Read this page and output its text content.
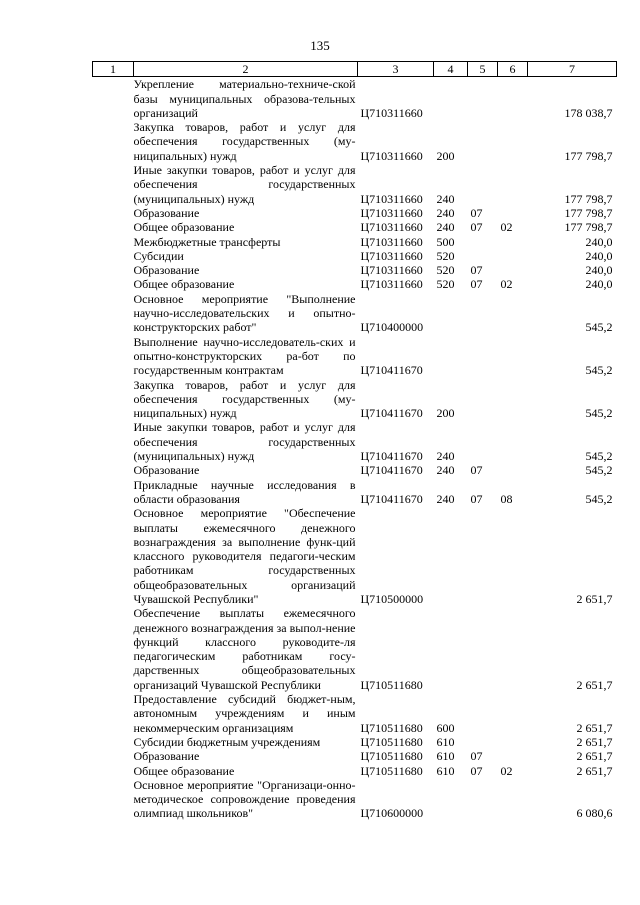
135
1	2	3	4	5	6	7
	Укрепление материально-техниче-ской базы муниципальных образова-тельных организаций	Ц710311660				178 038,7
	Закупка товаров, работ и услуг для обеспечения государственных (му-ниципальных) нужд	Ц710311660	200			177 798,7
	Иные закупки товаров, работ и услуг для обеспечения государственных (муниципальных) нужд	Ц710311660	240			177 798,7
	Образование	Ц710311660	240	07		177 798,7
	Общее образование	Ц710311660	240	07	02	177 798,7
	Межбюджетные трансферты	Ц710311660	500			240,0
	Субсидии	Ц710311660	520			240,0
	Образование	Ц710311660	520	07		240,0
	Общее образование	Ц710311660	520	07	02	240,0
	Основное мероприятие "Выполнение научно-исследовательских и опытно-конструкторских работ"	Ц710400000				545,2
	Выполнение научно-исследователь-ских и опытно-конструкторских ра-бот по государственным контрактам	Ц710411670				545,2
	Закупка товаров, работ и услуг для обеспечения государственных (му-ниципальных) нужд	Ц710411670	200			545,2
	Иные закупки товаров, работ и услуг для обеспечения государственных (муниципальных) нужд	Ц710411670	240			545,2
	Образование	Ц710411670	240	07		545,2
	Прикладные научные исследования в области образования	Ц710411670	240	07	08	545,2
	Основное мероприятие "Обеспечение выплаты ежемесячного денежного вознаграждения за выполнение функ-ций классного руководителя педагоги-ческим работникам государственных общеобразовательных организаций Чувашской Республики"	Ц710500000				2 651,7
	Обеспечение выплаты ежемесячного денежного вознаграждения за выпол-нение функций классного руководите-ля педагогическим работникам госу-дарственных общеобразовательных организаций Чувашской Республики	Ц710511680				2 651,7
	Предоставление субсидий бюджет-ным, автономным учреждениям и иным некоммерческим организациям	Ц710511680	600			2 651,7
	Субсидии бюджетным учреждениям	Ц710511680	610			2 651,7
	Образование	Ц710511680	610	07		2 651,7
	Общее образование	Ц710511680	610	07	02	2 651,7
	Основное мероприятие "Организаци-онно-методическое сопровождение проведения олимпиад школьников"	Ц710600000				6 080,6
